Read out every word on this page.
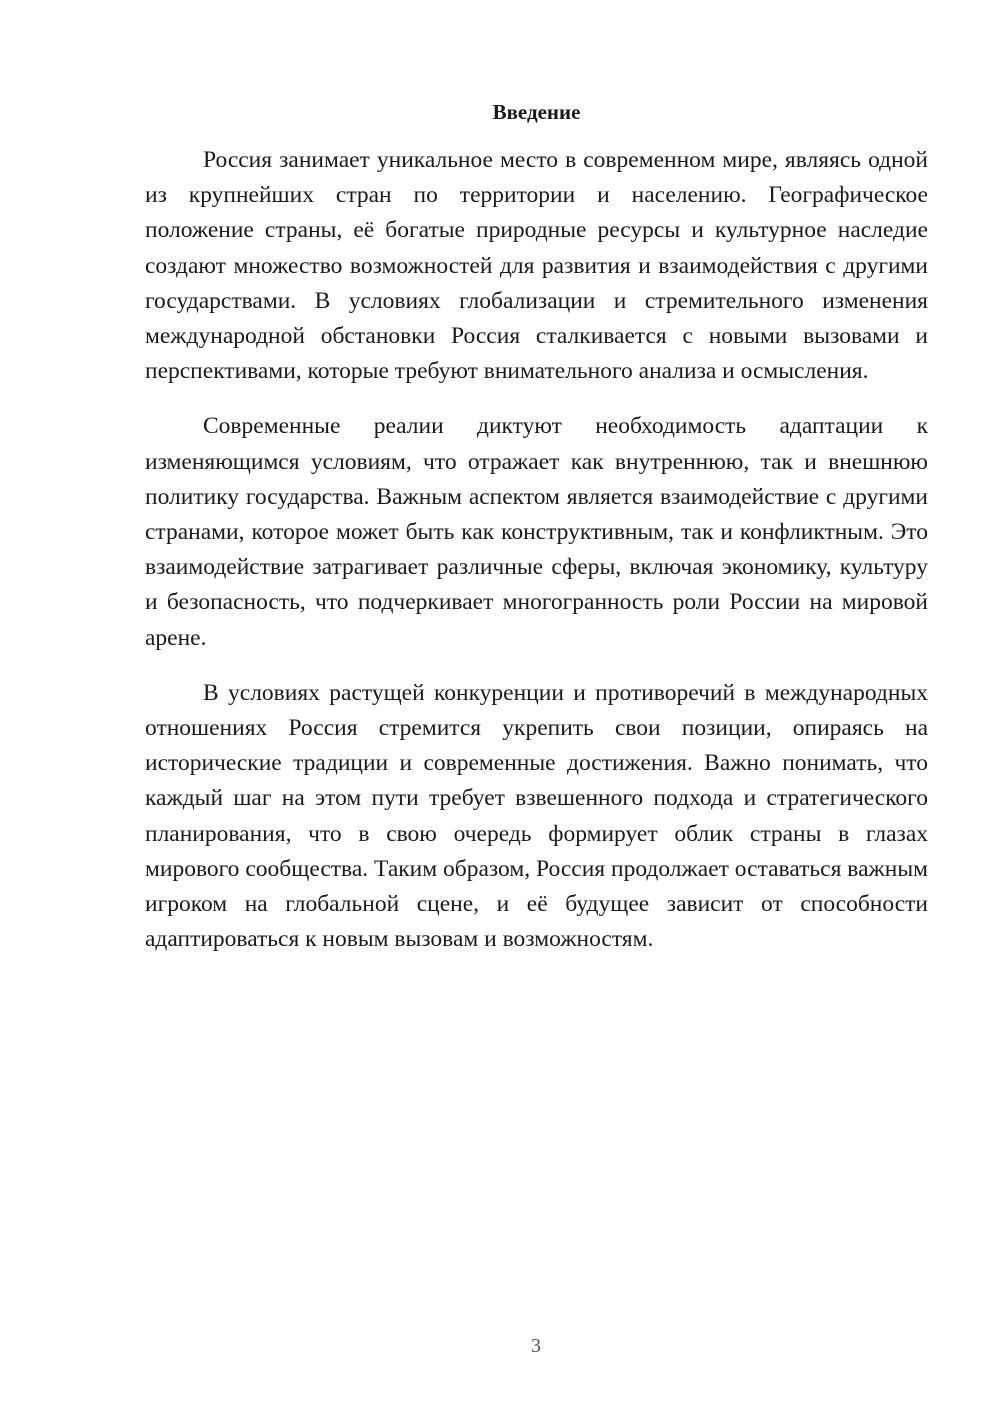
Введение

Россия занимает уникальное место в современном мире, являясь одной из крупнейших стран по территории и населению. Географическое положение страны, её богатые природные ресурсы и культурное наследие создают множество возможностей для развития и взаимодействия с другими государствами. В условиях глобализации и стремительного изменения международной обстановки Россия сталкивается с новыми вызовами и перспективами, которые требуют внимательного анализа и осмысления.

Современные реалии диктуют необходимость адаптации к изменяющимся условиям, что отражает как внутреннюю, так и внешнюю политику государства. Важным аспектом является взаимодействие с другими странами, которое может быть как конструктивным, так и конфликтным. Это взаимодействие затрагивает различные сферы, включая экономику, культуру и безопасность, что подчеркивает многогранность роли России на мировой арене.

В условиях растущей конкуренции и противоречий в международных отношениях Россия стремится укрепить свои позиции, опираясь на исторические традиции и современные достижения. Важно понимать, что каждый шаг на этом пути требует взвешенного подхода и стратегического планирования, что в свою очередь формирует облик страны в глазах мирового сообщества. Таким образом, Россия продолжает оставаться важным игроком на глобальной сцене, и её будущее зависит от способности адаптироваться к новым вызовам и возможностям.

3
